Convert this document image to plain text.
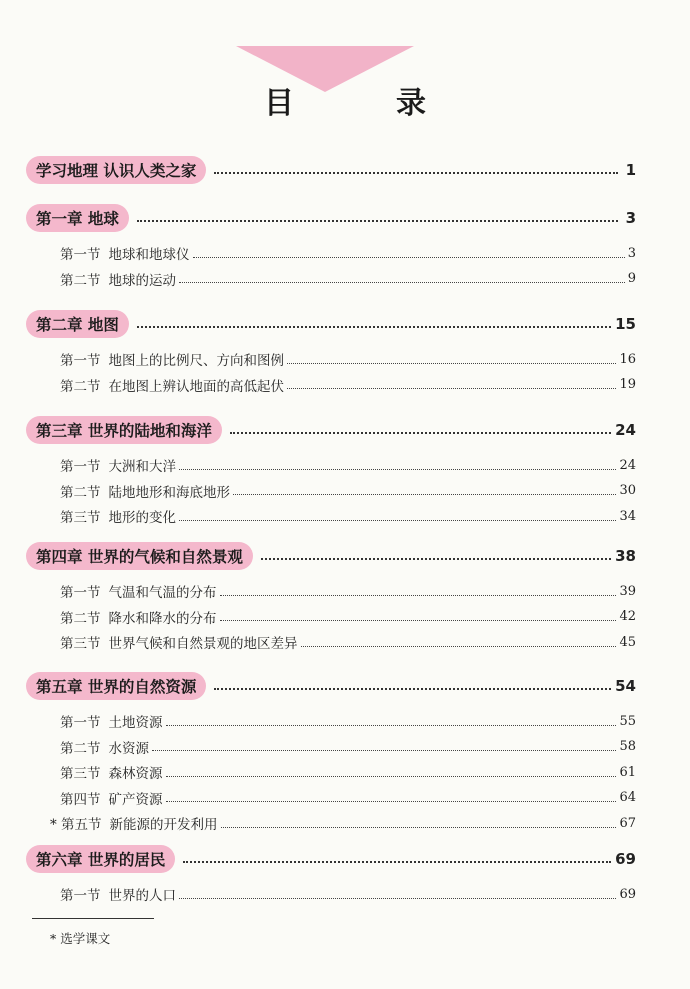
目　录
学习地理 认识人类之家	1
第一章 地球	3
第一节 地球和地球仪	3
第二节 地球的运动	9
第二章 地图	15
第一节 地图上的比例尺、方向和图例	16
第二节 在地图上辨认地面的高低起伏	19
第三章 世界的陆地和海洋	24
第一节 大洲和大洋	24
第二节 陆地地形和海底地形	30
第三节 地形的变化	34
第四章 世界的气候和自然景观	38
第一节 气温和气温的分布	39
第二节 降水和降水的分布	42
第三节 世界气候和自然景观的地区差异	45
第五章 世界的自然资源	54
第一节 土地资源	55
第二节 水资源	58
第三节 森林资源	61
第四节 矿产资源	64
* 第五节 新能源的开发利用	67
第六章 世界的居民	69
第一节 世界的人口	69
* 选学课文
